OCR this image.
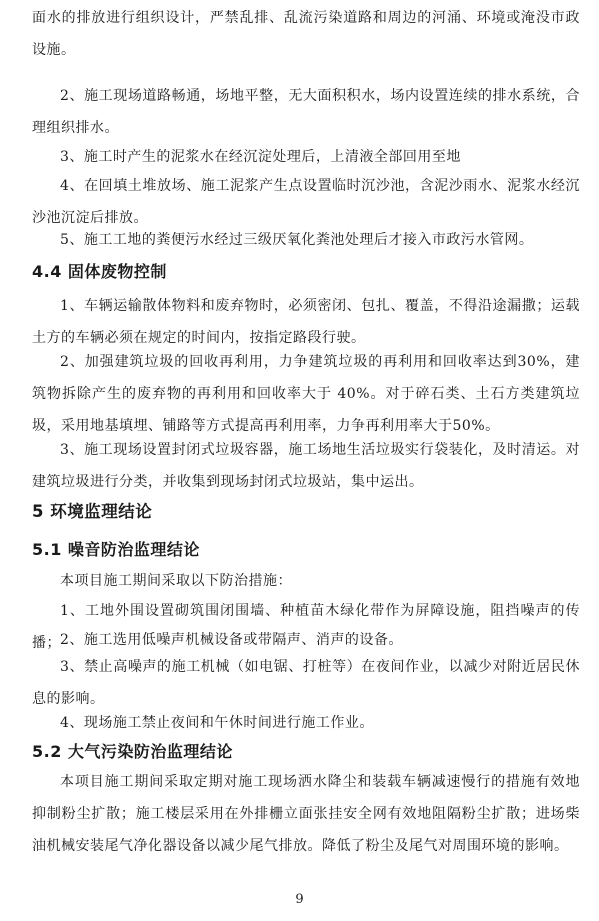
面水的排放进行组织设计，严禁乱排、乱流污染道路和周边的河涌、环境或淹没市政设施。

2、施工现场道路畅通，场地平整，无大面积积水，场内设置连续的排水系统，合理组织排水。

3、施工时产生的泥浆水在经沉淀处理后，上清液全部回用至地

4、在回填土堆放场、施工泥浆产生点设置临时沉沙池，含泥沙雨水、泥浆水经沉沙池沉淀后排放。

5、施工工地的粪便污水经过三级厌氧化粪池处理后才接入市政污水管网。

4.4 固体废物控制

1、车辆运输散体物料和废弃物时，必须密闭、包扎、覆盖，不得沿途漏撒；运载土方的车辆必须在规定的时间内，按指定路段行驶。

2、加强建筑垃圾的回收再利用，力争建筑垃圾的再利用和回收率达到30%，建筑物拆除产生的废弃物的再利用和回收率大于 40%。对于碎石类、土石方类建筑垃圾，采用地基填埋、铺路等方式提高再利用率，力争再利用率大于50%。

3、施工现场设置封闭式垃圾容器，施工场地生活垃圾实行袋装化，及时清运。对建筑垃圾进行分类，并收集到现场封闭式垃圾站，集中运出。

5 环境监理结论
5.1 噪音防治监理结论

本项目施工期间采取以下防治措施：

1、工地外围设置砌筑围闭围墙、种植苗木绿化带作为屏障设施，阻挡噪声的传播； 2、施工选用低噪声机械设备或带隔声、消声的设备。

3、禁止高噪声的施工机械（如电锯、打桩等）在夜间作业，以减少对附近居民休息的影响。

4、现场施工禁止夜间和午休时间进行施工作业。

5.2 大气污染防治监理结论

本项目施工期间采取定期对施工现场洒水降尘和装载车辆减速慢行的措施有效地抑制粉尘扩散；施工楼层采用在外排栅立面张挂安全网有效地阻隔粉尘扩散；进场柴油机械安装尾气净化器设备以减少尾气排放。降低了粉尘及尾气对周围环境的影响。

9
